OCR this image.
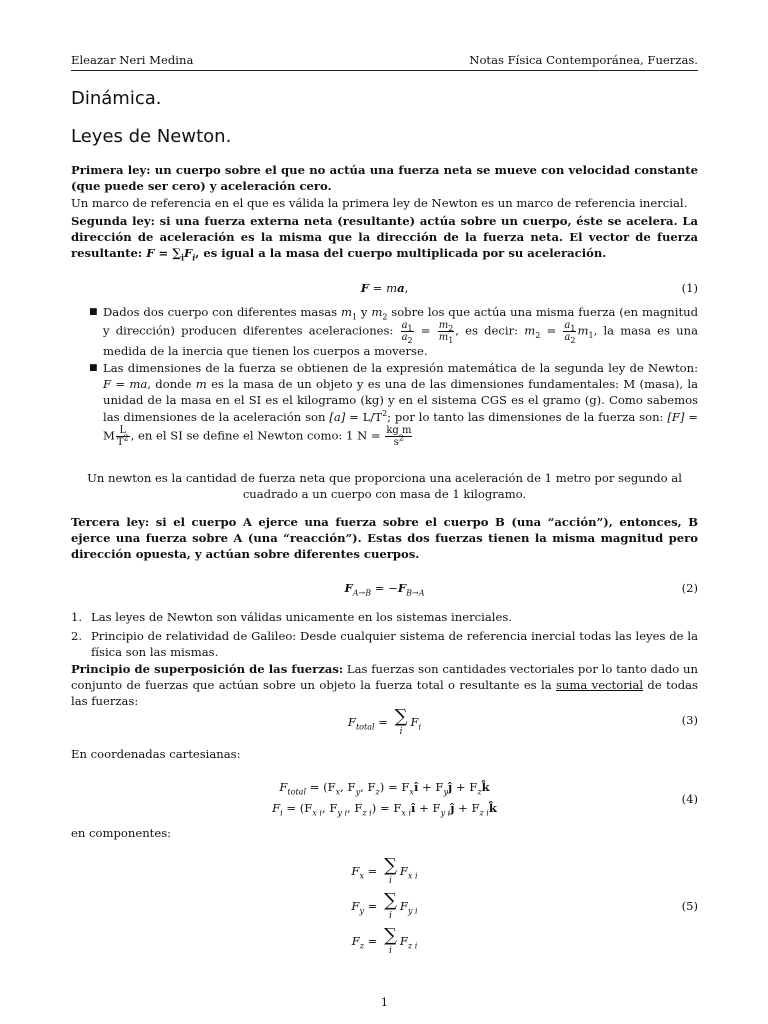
Eleazar Neri Medina	Notas Física Contemporánea, Fuerzas.
Dinámica.
Leyes de Newton.
Primera ley: un cuerpo sobre el que no actúa una fuerza neta se mueve con velocidad constante (que puede ser cero) y aceleración cero.
Un marco de referencia en el que es válida la primera ley de Newton es un marco de referencia inercial.
Segunda ley: si una fuerza externa neta (resultante) actúa sobre un cuerpo, éste se acelera. La dirección de aceleración es la misma que la dirección de la fuerza neta. El vector de fuerza resultante: $F = \sum_iF_i$, es igual a la masa del cuerpo multiplicada por su aceleración.
F = ma,	(1)
■ Dados dos cuerpo con diferentes masas $m_1$ y $m_2$ sobre los que actúa una misma fuerza (en magnitud y dirección) producen diferentes aceleraciones: $\frac{a_1}{a_2} = \frac{m_2}{m_1}$ , es decir: $m_2 = \frac{a_1}{a_2} m_1$, la masa es una medida de la inercia que tienen los cuerpos a moverse.
■ Las dimensiones de la fuerza se obtienen de la expresión matemática de la segunda ley de Newton: F = ma, donde m es la masa de un objeto y es una de las dimensiones fundamentales: M (masa), la unidad de la masa en el SI es el kilogramo (kg) y en el sistema CGS es el gramo (g). Como sabemos las dimensiones de la aceleración son $[a] = L/T^2$; por lo tanto las dimensiones de la fuerza son: [F] = M $\frac{L}{T^2}$ , en el SI se define el Newton como: 1 $N = \frac{\text{kg m}}{s^2}$
Un newton es la cantidad de fuerza neta que proporciona una aceleración de 1 metro por segundo al cuadrado a un cuerpo con masa de 1 kilogramo.
Tercera ley: si el cuerpo A ejerce una fuerza sobre el cuerpo B (una “acción”), entonces, B ejerce una fuerza sobre A (una “reacción”). Estas dos fuerzas tienen la misma magnitud pero dirección opuesta, y actúan sobre diferentes cuerpos.
$F_{A\to B} = -F_{B\to A}$	(2)
1. Las leyes de Newton son válidas unicamente en los sistemas inerciales.
2. Principio de relatividad de Galileo: Desde cualquier sistema de referencia inercial todas las leyes de la física son las mismas.
Principio de superposición de las fuerzas: Las fuerzas son cantidades vectoriales por lo tanto dado un conjunto de fuerzas que actúan sobre un objeto la fuerza total o resultante es la suma vectorial de todas las fuerzas:
$F_{total}$ = ∑
i
$F_i$	(3)
En coordenadas cartesianas:
$F_{total} = (F_x$, $F_y$, $F_z$) = $F_xî$ + $F_yĵ$ + $F_zk̂$
$F_i = (F_{x i}$, $F_{y i}$, $F_{z i}$) = $F_{x i}î$ + $F_{y i}ĵ$ + $F_{z i}k̂$
(4)
en componentes:
$F_x$ = ∑
i
$F_{x i}$
$F_y$ = ∑
i
$F_{y i}$
$F_z$ = ∑
i
$F_{z i}$
(5)
1
